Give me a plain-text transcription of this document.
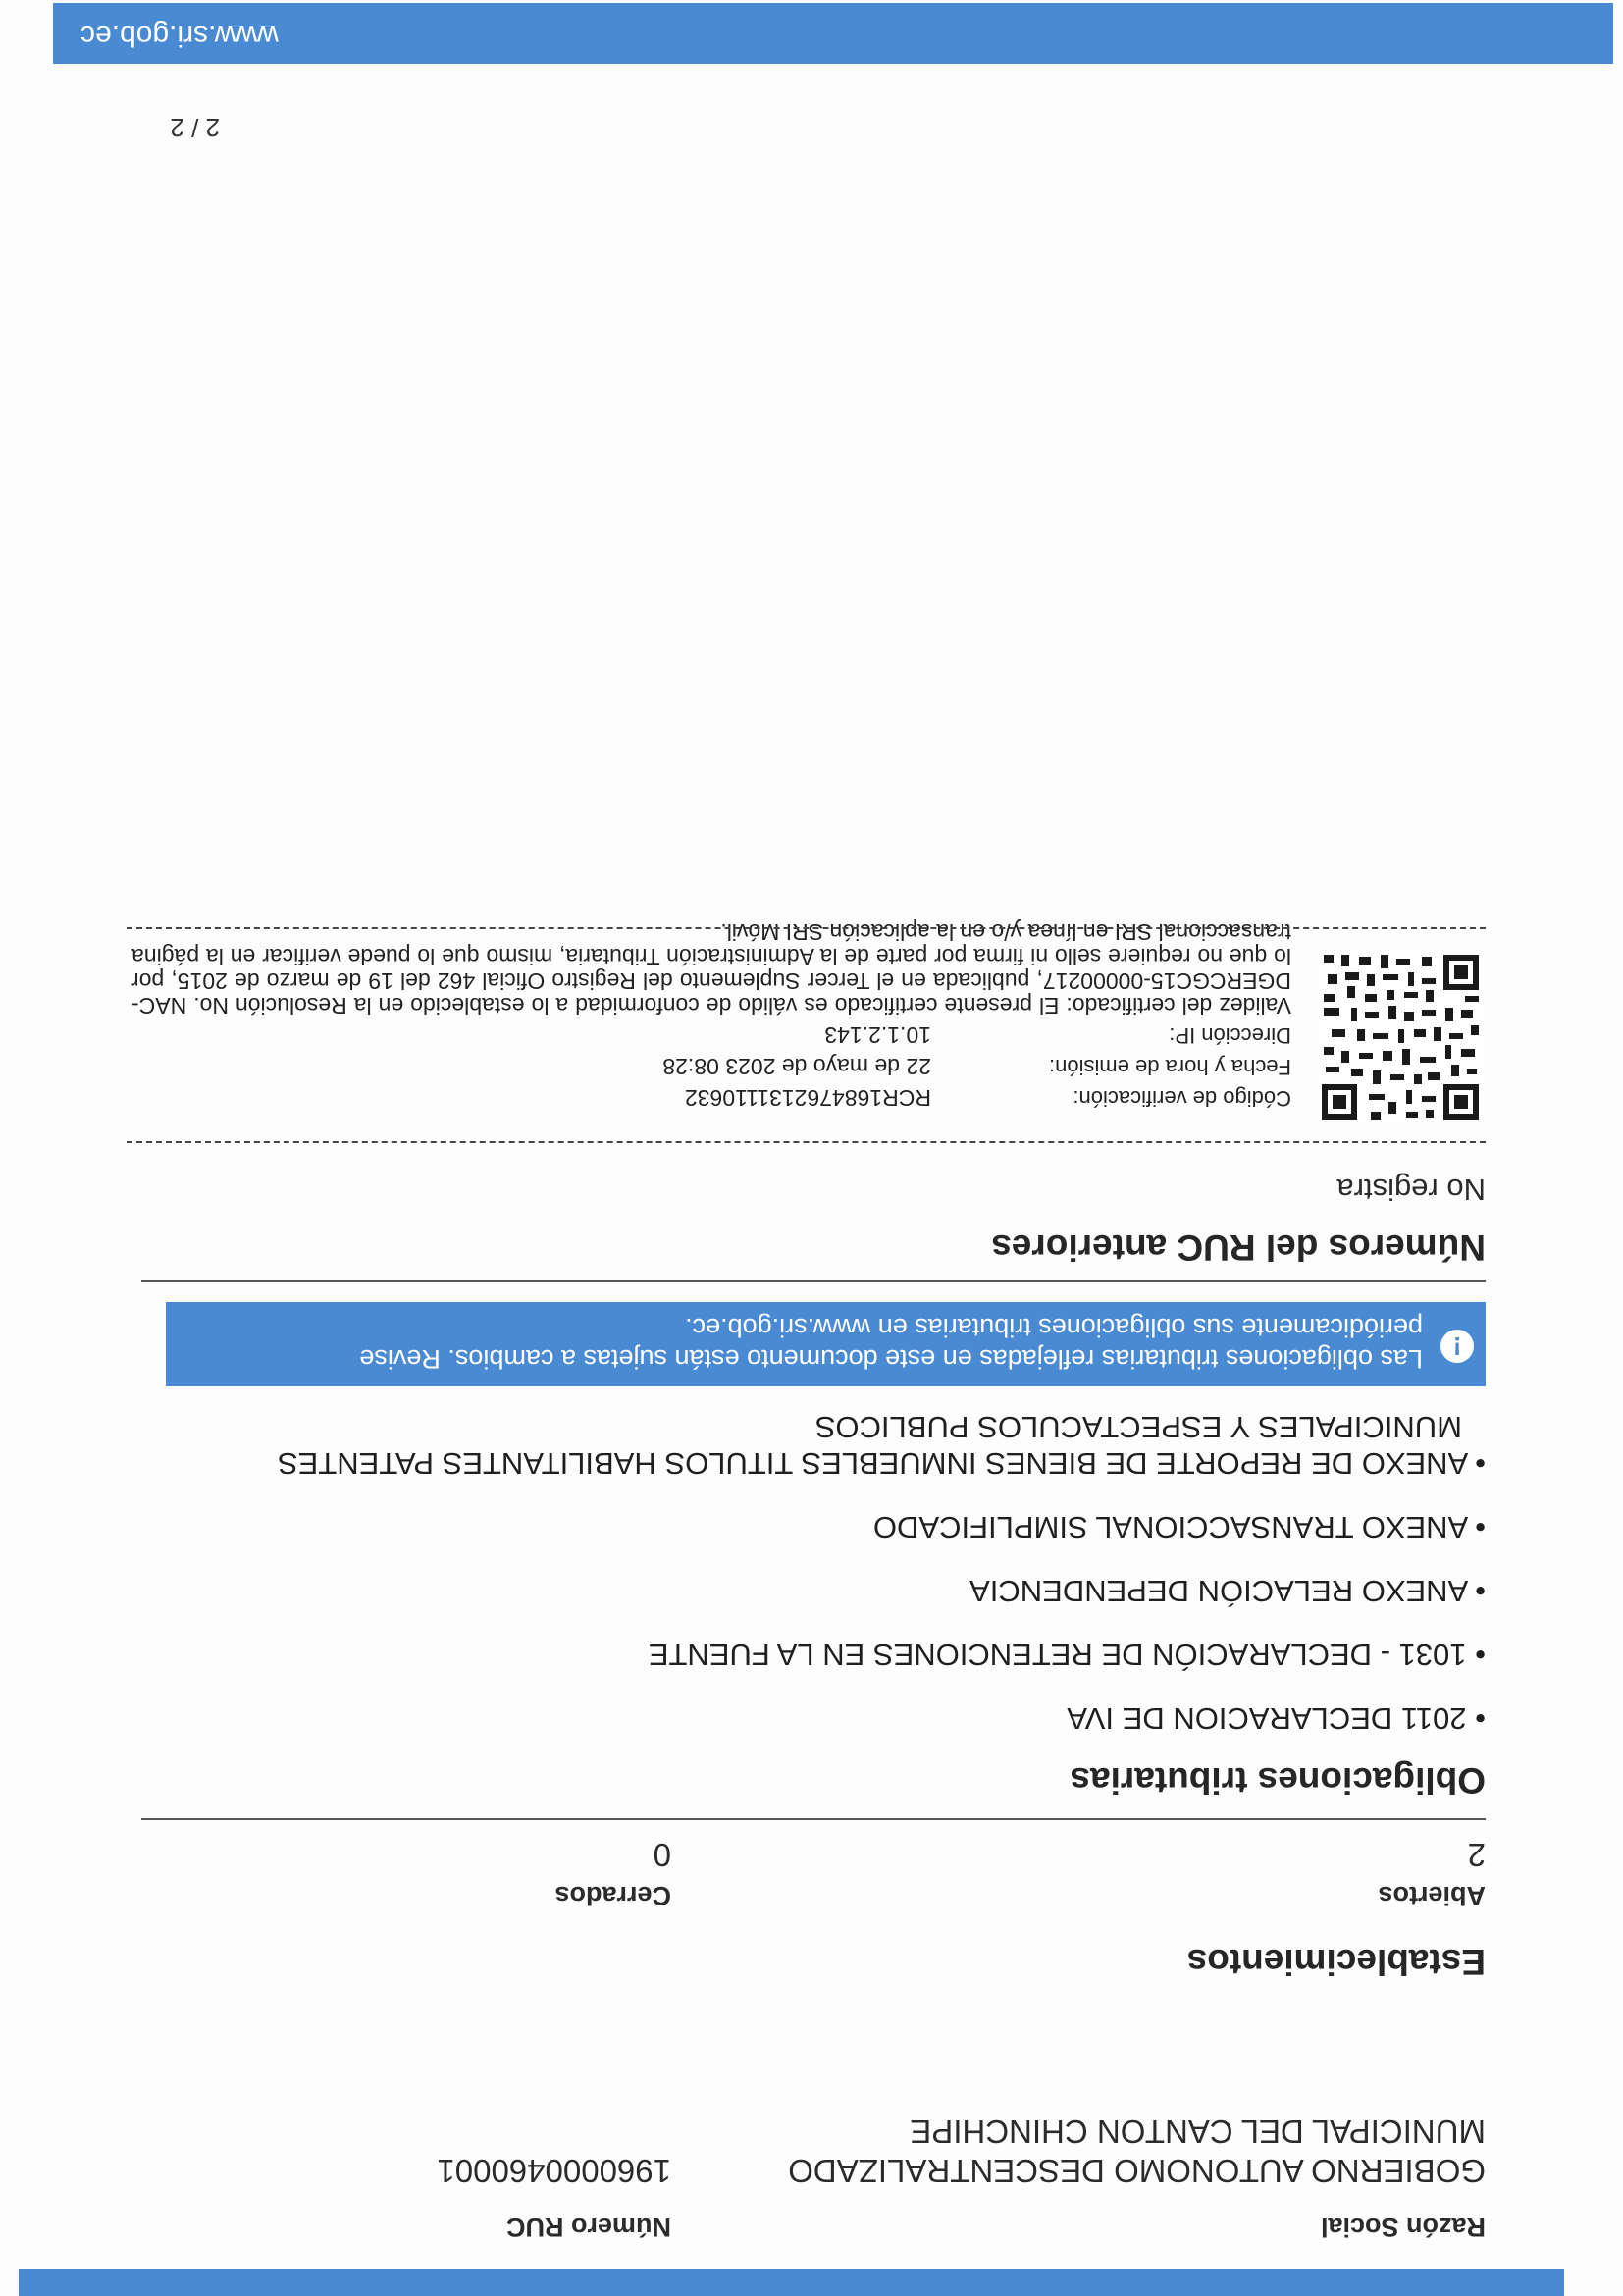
Razón Social
Número RUC
GOBIERNO AUTONOMO DESCENTRALIZADO MUNICIPAL DEL CANTON CHINCHIPE
1960000460001
Establecimientos
Abiertos
Cerrados
2
0
Obligaciones tributarias
• 2011 DECLARACION DE IVA
• 1031 - DECLARACIÓN DE RETENCIONES EN LA FUENTE
• ANEXO RELACIÓN DEPENDENCIA
• ANEXO TRANSACCIONAL SIMPLIFICADO
• ANEXO DE REPORTE DE BIENES INMUEBLES TITULOS HABILITANTES PATENTES MUNICIPALES Y ESPECTACULOS PUBLICOS
!
Las obligaciones tributarias reflejadas en este documento están sujetas a cambios. Revise periódicamente sus obligaciones tributarias en www.sri.gob.ec.
Números del RUC anteriores
No registra
Código de verificación:
RCR1684762131110632
Fecha y hora de emisión:
22 de mayo de 2023 08:28
Dirección IP:
10.1.2.143
Validez del certificado: El presente certificado es válido de conformidad a lo establecido en la Resolución No. NAC-DGERCGC15-00000217, publicada en el Tercer Suplemento del Registro Oficial 462 del 19 de marzo de 2015, por lo que no requiere sello ni firma por parte de la Administración Tributaria, mismo que lo puede verificar en la página transaccional SRI en línea y/o en la aplicación SRI Móvil.
2 / 2
www.sri.gob.ec
